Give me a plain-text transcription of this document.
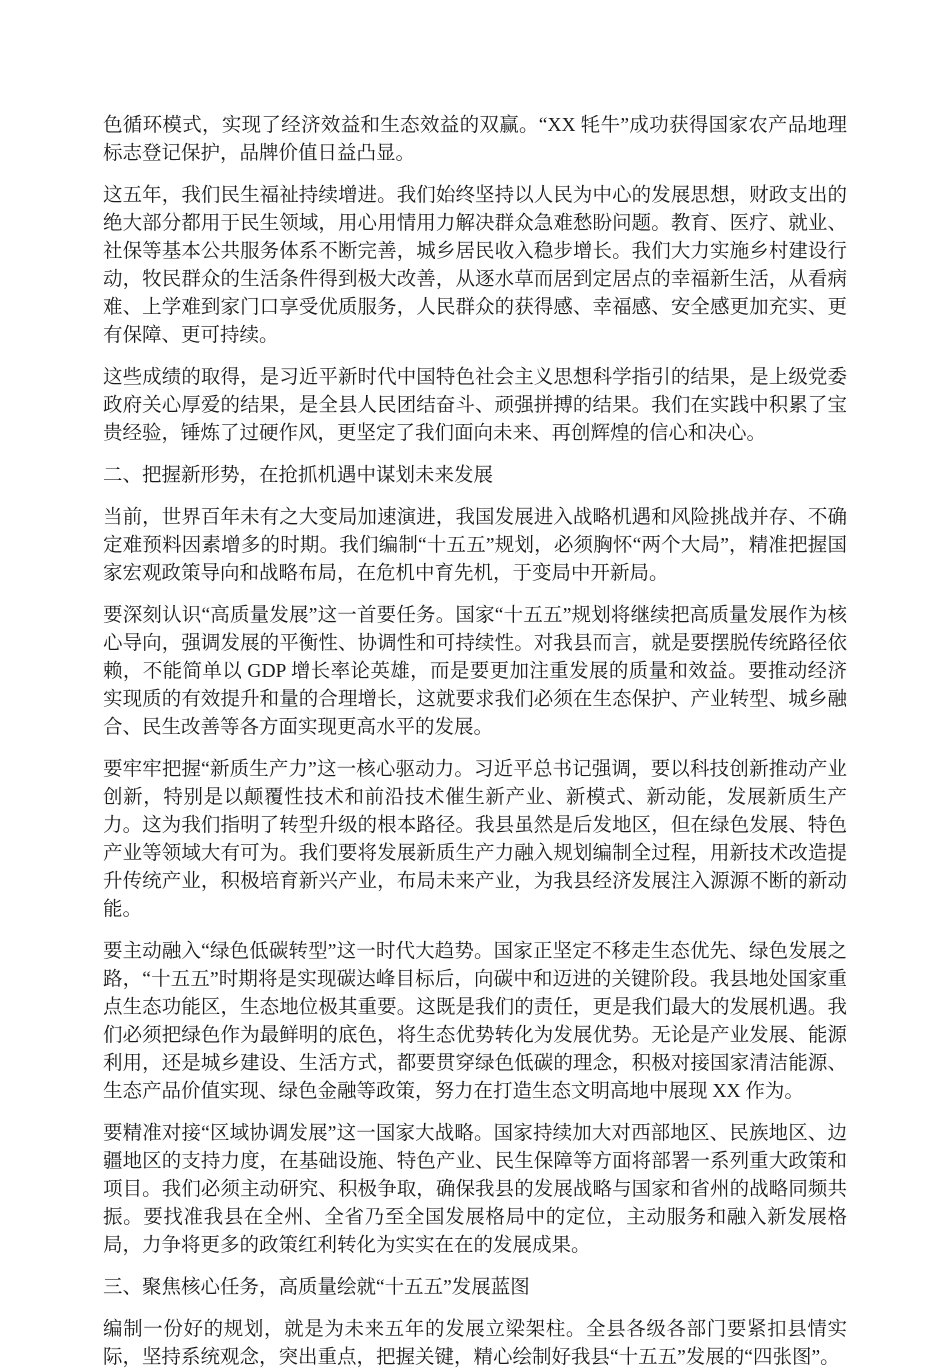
色循环模式，实现了经济效益和生态效益的双赢。“XX 牦牛”成功获得国家农产品地理标志登记保护，品牌价值日益凸显。

这五年，我们民生福祉持续增进。我们始终坚持以人民为中心的发展思想，财政支出的绝大部分都用于民生领域，用心用情用力解决群众急难愁盼问题。教育、医疗、就业、社保等基本公共服务体系不断完善，城乡居民收入稳步增长。我们大力实施乡村建设行动，牧民群众的生活条件得到极大改善，从逐水草而居到定居点的幸福新生活，从看病难、上学难到家门口享受优质服务，人民群众的获得感、幸福感、安全感更加充实、更有保障、更可持续。

这些成绩的取得，是习近平新时代中国特色社会主义思想科学指引的结果，是上级党委政府关心厚爱的结果，是全县人民团结奋斗、顽强拼搏的结果。我们在实践中积累了宝贵经验，锤炼了过硬作风，更坚定了我们面向未来、再创辉煌的信心和决心。

二、把握新形势，在抢抓机遇中谋划未来发展

当前，世界百年未有之大变局加速演进，我国发展进入战略机遇和风险挑战并存、不确定难预料因素增多的时期。我们编制“十五五”规划，必须胸怀“两个大局”，精准把握国家宏观政策导向和战略布局，在危机中育先机，于变局中开新局。

要深刻认识“高质量发展”这一首要任务。国家“十五五”规划将继续把高质量发展作为核心导向，强调发展的平衡性、协调性和可持续性。对我县而言，就是要摆脱传统路径依赖，不能简单以 GDP 增长率论英雄，而是要更加注重发展的质量和效益。要推动经济实现质的有效提升和量的合理增长，这就要求我们必须在生态保护、产业转型、城乡融合、民生改善等各方面实现更高水平的发展。

要牢牢把握“新质生产力”这一核心驱动力。习近平总书记强调，要以科技创新推动产业创新，特别是以颠覆性技术和前沿技术催生新产业、新模式、新动能，发展新质生产力。这为我们指明了转型升级的根本路径。我县虽然是后发地区，但在绿色发展、特色产业等领域大有可为。我们要将发展新质生产力融入规划编制全过程，用新技术改造提升传统产业，积极培育新兴产业，布局未来产业，为我县经济发展注入源源不断的新动能。

要主动融入“绿色低碳转型”这一时代大趋势。国家正坚定不移走生态优先、绿色发展之路，“十五五”时期将是实现碳达峰目标后，向碳中和迈进的关键阶段。我县地处国家重点生态功能区，生态地位极其重要。这既是我们的责任，更是我们最大的发展机遇。我们必须把绿色作为最鲜明的底色，将生态优势转化为发展优势。无论是产业发展、能源利用，还是城乡建设、生活方式，都要贯穿绿色低碳的理念，积极对接国家清洁能源、生态产品价值实现、绿色金融等政策，努力在打造生态文明高地中展现 XX 作为。

要精准对接“区域协调发展”这一国家大战略。国家持续加大对西部地区、民族地区、边疆地区的支持力度，在基础设施、特色产业、民生保障等方面将部署一系列重大政策和项目。我们必须主动研究、积极争取，确保我县的发展战略与国家和省州的战略同频共振。要找准我县在全州、全省乃至全国发展格局中的定位，主动服务和融入新发展格局，力争将更多的政策红利转化为实实在在的发展成果。

三、聚焦核心任务，高质量绘就“十五五”发展蓝图

编制一份好的规划，就是为未来五年的发展立梁架柱。全县各级各部门要紧扣县情实际，坚持系统观念，突出重点，把握关键，精心绘制好我县“十五五”发展的“四张图”。
